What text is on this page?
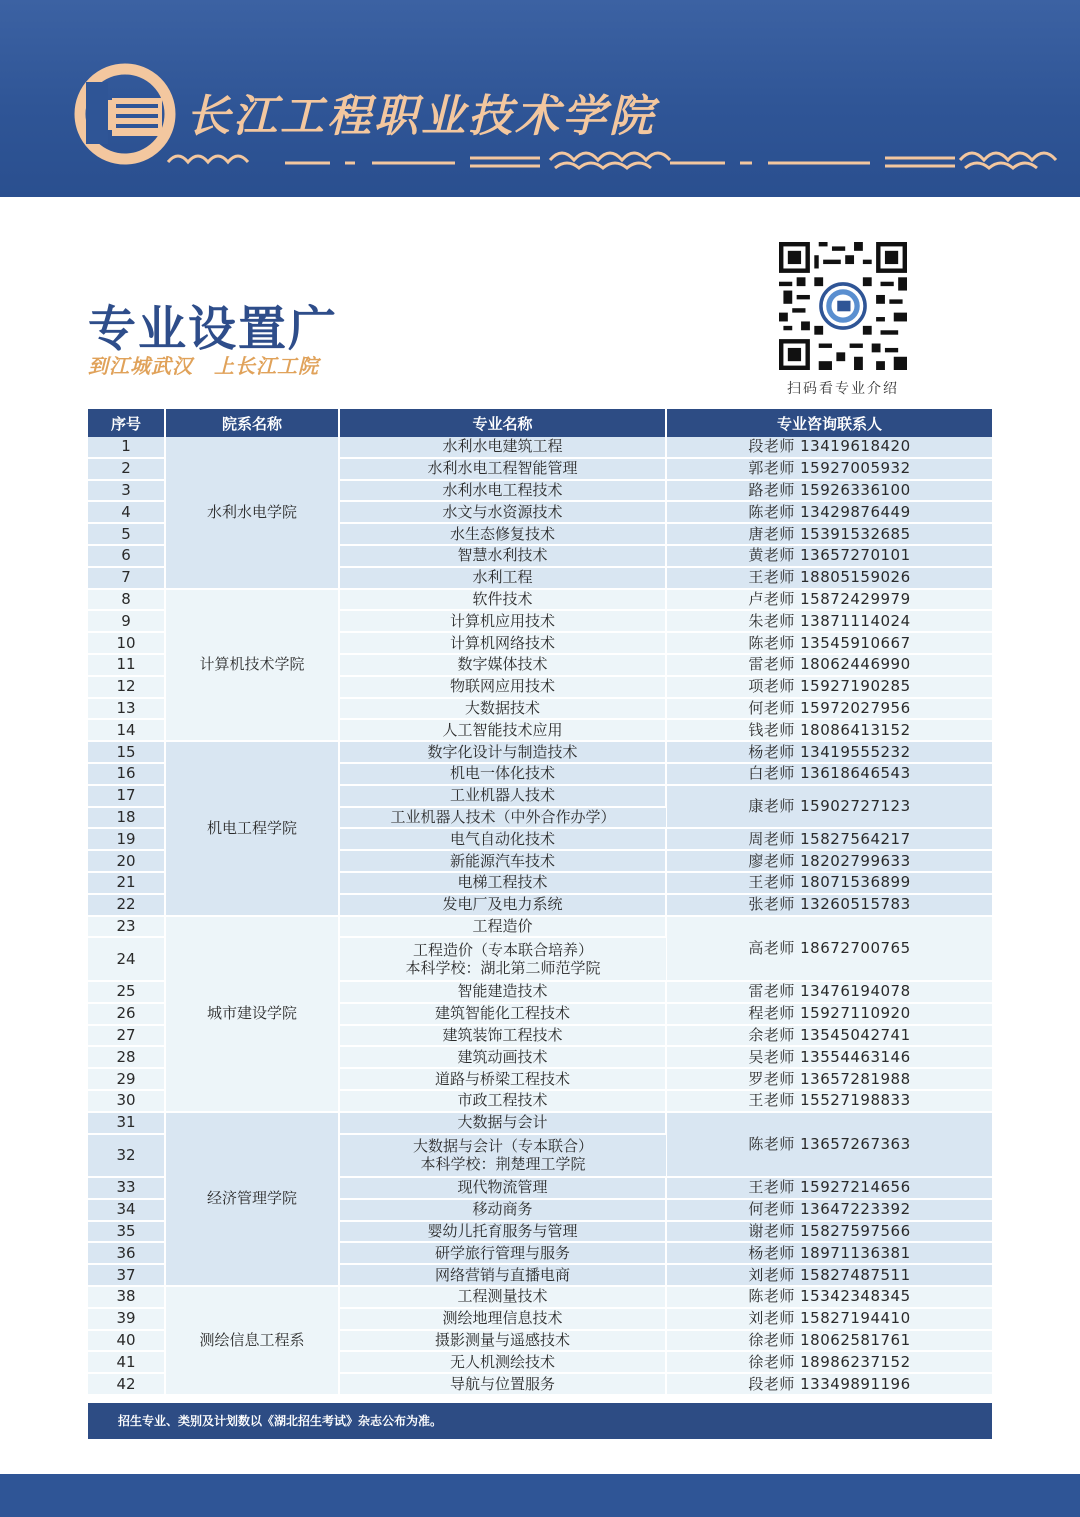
长江工程职业技术学院
专业设置广
到江城武汉　上长江工院
扫码看专业介绍
序号	院系名称	专业名称	专业咨询联系人
1	水利水电学院	水利水电建筑工程	段老师 13419618420
2		水利水电工程智能管理	郭老师 15927005932
3		水利水电工程技术	路老师 15926336100
4		水文与水资源技术	陈老师 13429876449
5		水生态修复技术	唐老师 15391532685
6		智慧水利技术	黄老师 13657270101
7		水利工程	王老师 18805159026
8	计算机技术学院	软件技术	卢老师 15872429979
9		计算机应用技术	朱老师 13871114024
10		计算机网络技术	陈老师 13545910667
11		数字媒体技术	雷老师 18062446990
12		物联网应用技术	项老师 15927190285
13		大数据技术	何老师 15972027956
14		人工智能技术应用	钱老师 18086413152
15	机电工程学院	数字化设计与制造技术	杨老师 13419555232
16		机电一体化技术	白老师 13618646543
17		工业机器人技术	康老师 15902727123
18		工业机器人技术（中外合作办学）	
19		电气自动化技术	周老师 15827564217
20		新能源汽车技术	廖老师 18202799633
21		电梯工程技术	王老师 18071536899
22		发电厂及电力系统	张老师 13260515783
23	城市建设学院	工程造价	高老师 18672700765
24		工程造价（专本联合培养）
本科学校：湖北第二师范学院	

25		智能建造技术	雷老师 13476194078
26		建筑智能化工程技术	程老师 15927110920
27		建筑装饰工程技术	余老师 13545042741
28		建筑动画技术	吴老师 13554463146
29		道路与桥梁工程技术	罗老师 13657281988
30		市政工程技术	王老师 15527198833
31	经济管理学院	大数据与会计	陈老师 13657267363
32		大数据与会计（专本联合）
本科学校：荆楚理工学院	

33		现代物流管理	王老师 15927214656
34		移动商务	何老师 13647223392
35		婴幼儿托育服务与管理	谢老师 15827597566
36		研学旅行管理与服务	杨老师 18971136381
37		网络营销与直播电商	刘老师 15827487511
38	测绘信息工程系	工程测量技术	陈老师 15342348345
39		测绘地理信息技术	刘老师 15827194410
40		摄影测量与遥感技术	徐老师 18062581761
41		无人机测绘技术	徐老师 18986237152
42		导航与位置服务	段老师 13349891196
招生专业、类别及计划数以《湖北招生考试》杂志公布为准。
